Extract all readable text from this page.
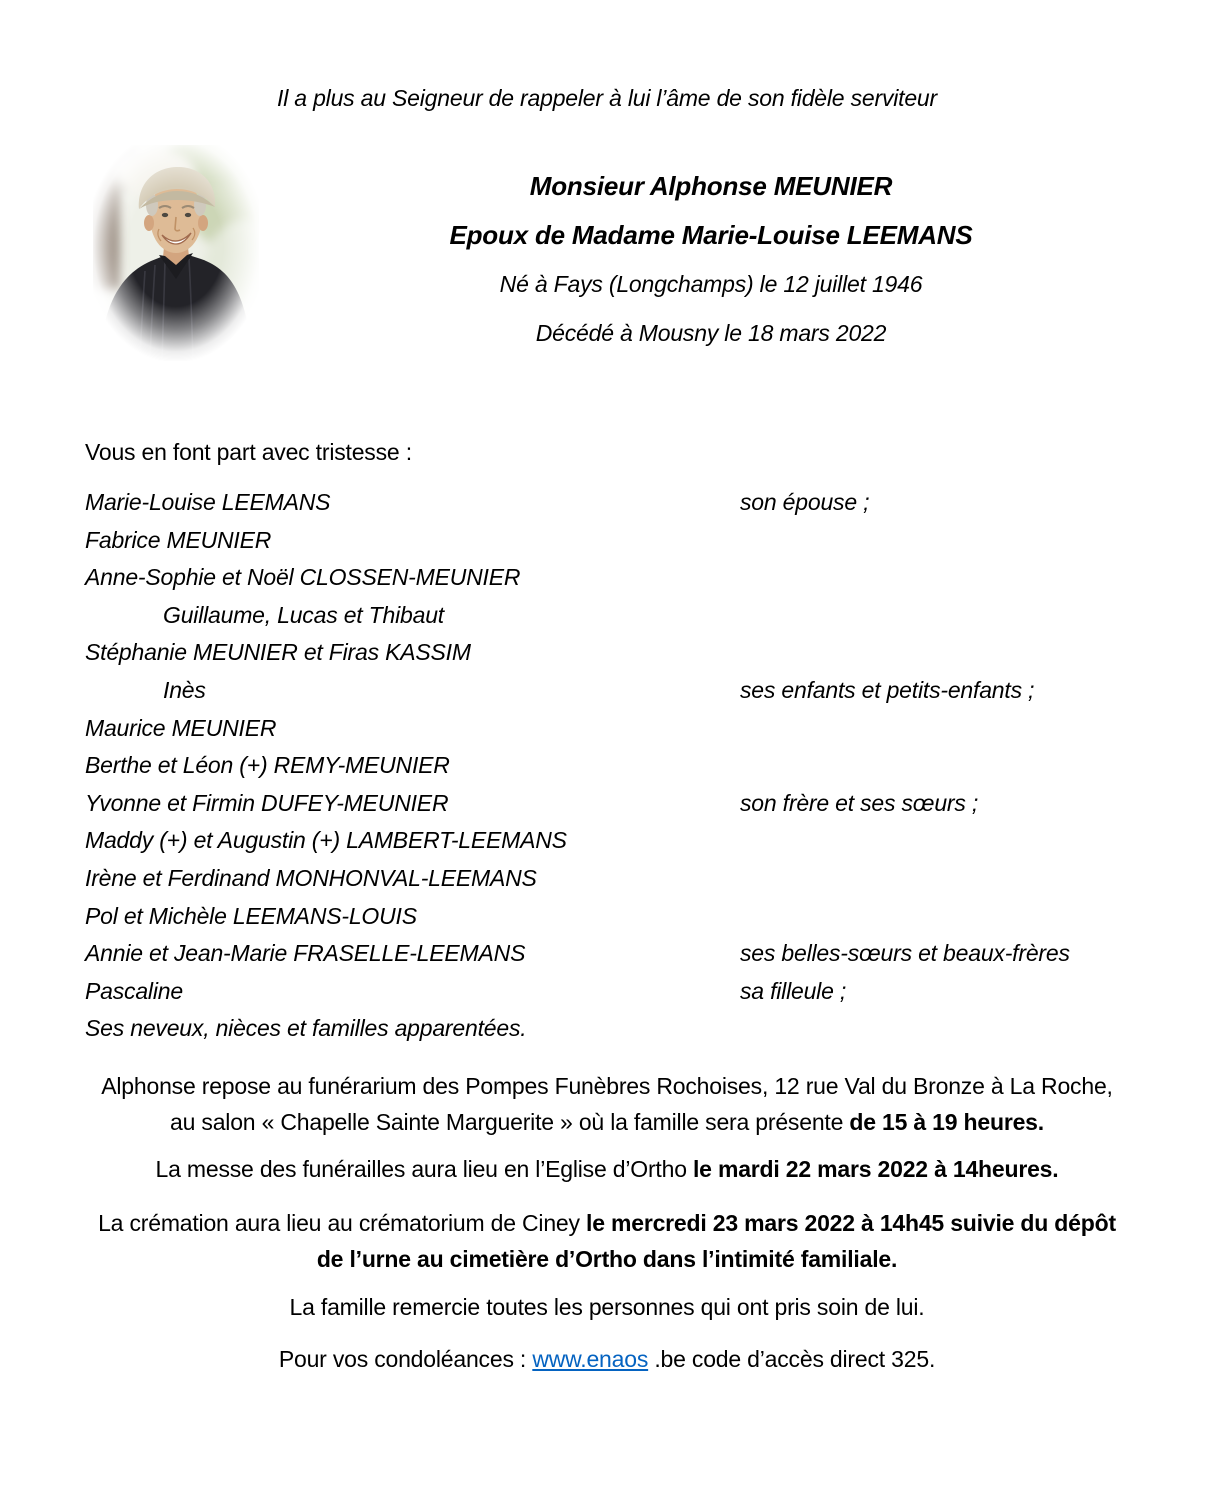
Il a plus au Seigneur de rappeler à lui l’âme de son fidèle serviteur
Monsieur Alphonse MEUNIER
Epoux de Madame Marie-Louise LEEMANS
Né à Fays (Longchamps) le 12 juillet 1946
Décédé à Mousny le 18 mars 2022
Vous en font part avec tristesse :
Marie-Louise LEEMANS	son épouse ;
Fabrice MEUNIER
Anne-Sophie et Noël CLOSSEN-MEUNIER
Guillaume, Lucas et Thibaut
Stéphanie MEUNIER et Firas KASSIM
Inès	ses enfants et petits-enfants ;
Maurice MEUNIER
Berthe et Léon (+) REMY-MEUNIER
Yvonne et Firmin DUFEY-MEUNIER	son frère et ses sœurs ;
Maddy (+) et Augustin (+) LAMBERT-LEEMANS
Irène et Ferdinand MONHONVAL-LEEMANS
Pol et Michèle LEEMANS-LOUIS
Annie et Jean-Marie FRASELLE-LEEMANS	ses belles-sœurs et beaux-frères
Pascaline	sa filleule ;
Ses neveux, nièces et familles apparentées.
Alphonse repose au funérarium des Pompes Funèbres Rochoises, 12 rue Val du Bronze à La Roche, au salon « Chapelle Sainte Marguerite » où la famille sera présente de 15 à 19 heures.
La messe des funérailles aura lieu en l’Eglise d’Ortho le mardi 22 mars 2022 à 14heures.
La crémation aura lieu au crématorium de Ciney le mercredi 23 mars 2022 à 14h45 suivie du dépôt de l’urne au cimetière d’Ortho dans l’intimité familiale.
La famille remercie toutes les personnes qui ont pris soin de lui.
Pour vos condoléances : www.enaos .be code d’accès direct 325.
